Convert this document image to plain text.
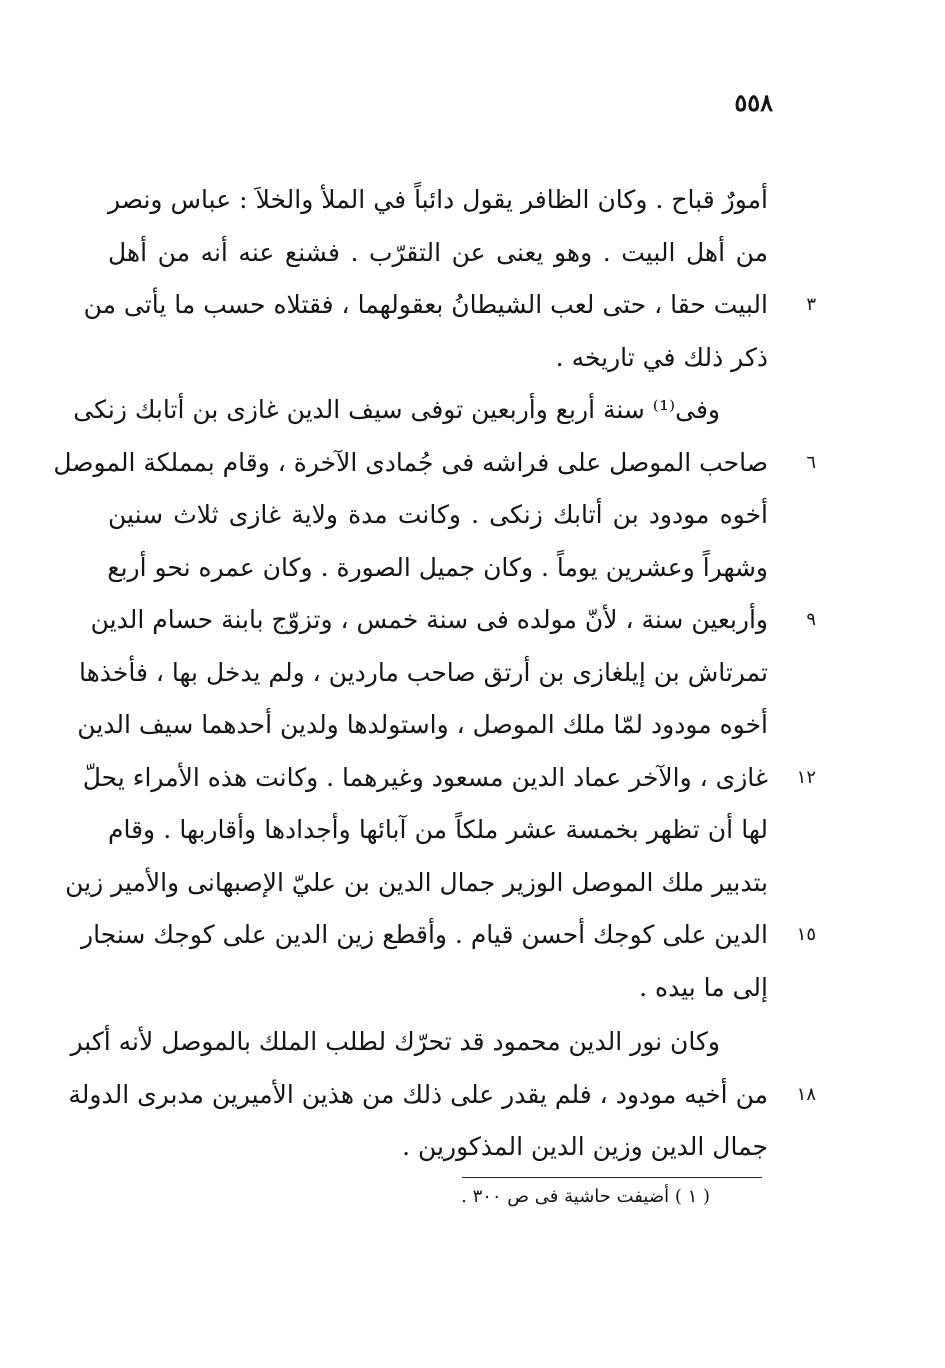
٥٥٨
أمورٌ قباح . وكان الظافر يقول دائباً في الملأ والخلاَ : عباس ونصر
من أهل البيت . وهو يعنى عن التقرّب . فشنع عنه أنه من أهل
٣
البيت حقا ، حتى لعب الشيطانُ بعقولهما ، فقتلاه حسب ما يأتى من
ذكر ذلك في تاريخه .
وفى⁽¹⁾ سنة أربع وأربعين توفى سيف الدين غازى بن أتابك زنكى
٦
صاحب الموصل على فراشه فى جُمادى الآخرة ، وقام بمملكة الموصل
أخوه مودود بن أتابك زنكى . وكانت مدة ولاية غازى ثلاث سنين
وشهراً وعشرين يوماً . وكان جميل الصورة . وكان عمره نحو أربع
٩
وأربعين سنة ، لأنّ مولده فى سنة خمس ، وتزوّج بابنة حسام الدين
تمرتاش بن إيلغازى بن أرتق صاحب ماردين ، ولم يدخل بها ، فأخذها
أخوه مودود لمّا ملك الموصل ، واستولدها ولدين أحدهما سيف الدين
١٢
غازى ، والآخر عماد الدين مسعود وغيرهما . وكانت هذه الأمراء يحلّ
لها أن تظهر بخمسة عشر ملكاً من آبائها وأجدادها وأقاربها . وقام
بتدبير ملك الموصل الوزير جمال الدين بن عليّ الإصبهانى والأمير زين
١٥
الدين على كوجك أحسن قيام . وأقطع زين الدين على كوجك سنجار
إلى ما بيده .
وكان نور الدين محمود قد تحرّك لطلب الملك بالموصل لأنه أكبر
١٨
من أخيه مودود ، فلم يقدر على ذلك من هذين الأميرين مدبرى الدولة
جمال الدين وزين الدين المذكورين .
( ١ ) أضيفت حاشية فى ص ٣٠٠ .
